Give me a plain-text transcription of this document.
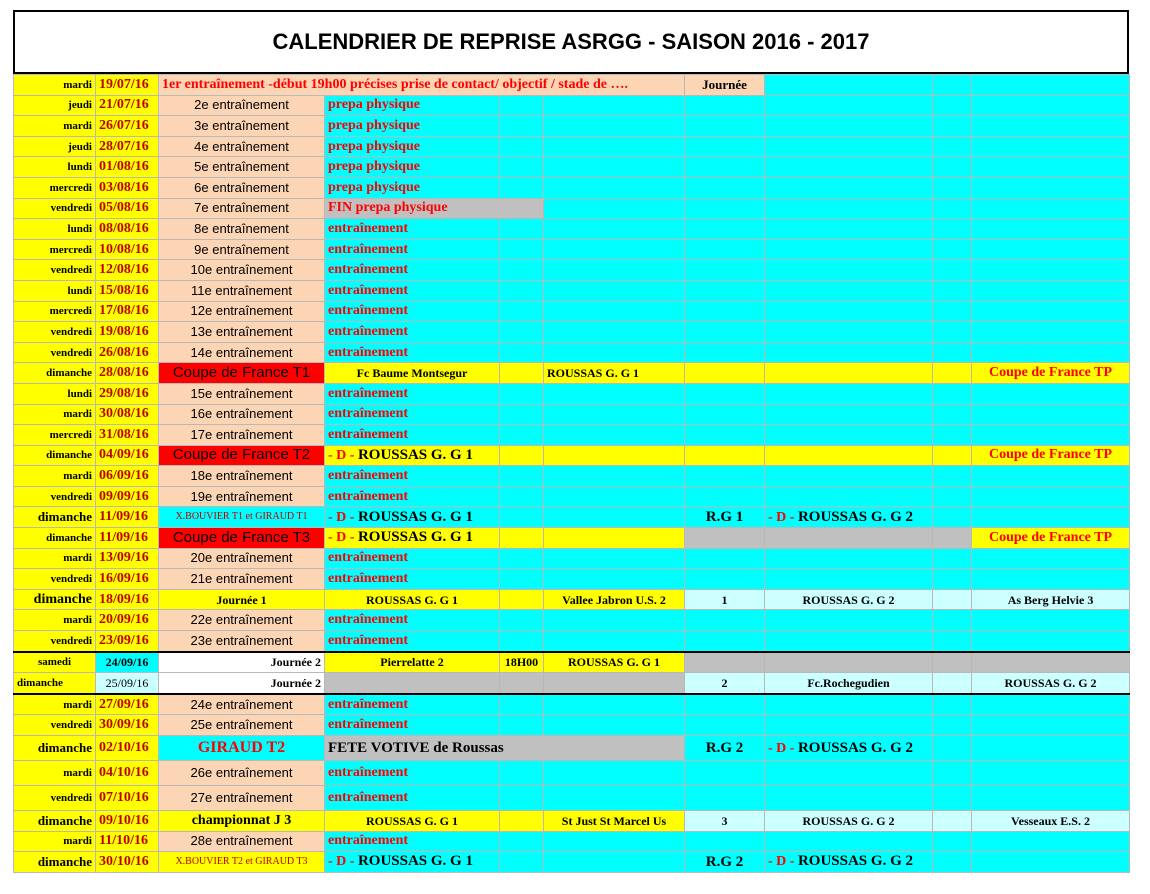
CALENDRIER DE REPRISE ASRGG - SAISON 2016 - 2017
mardi	19/07/16	1er entraînement -début 19h00 précises prise de contact/ objectif / stade de ….				Journée			
jeudi	21/07/16	2e entraînement	prepa physique						
mardi	26/07/16	3e entraînement	prepa physique						
jeudi	28/07/16	4e entraînement	prepa physique						
lundi	01/08/16	5e entraînement	prepa physique						
mercredi	03/08/16	6e entraînement	prepa physique						
vendredi	05/08/16	7e entraînement	FIN prepa physique						
lundi	08/08/16	8e entraînement	entraînement						
mercredi	10/08/16	9e entraînement	entraînement						
vendredi	12/08/16	10e entraînement	entraînement						
lundi	15/08/16	11e entraînement	entraînement						
mercredi	17/08/16	12e entraînement	entraînement						
vendredi	19/08/16	13e entraînement	entraînement						
vendredi	26/08/16	14e entraînement	entraînement						
dimanche	28/08/16	Coupe de France T1	Fc Baume Montsegur		ROUSSAS G. G 1				Coupe de France TP
lundi	29/08/16	15e entraînement	entraînement						
mardi	30/08/16	16e entraînement	entraînement						
mercredi	31/08/16	17e entraînement	entraînement						
dimanche	04/09/16	Coupe de France T2	- D - ROUSSAS G. G 1						Coupe de France TP
mardi	06/09/16	18e entraînement	entraînement						
vendredi	09/09/16	19e entraînement	entraînement						
dimanche	11/09/16	X.BOUVIER T1 et GIRAUD T1	- D - ROUSSAS G. G 1			R.G 1	- D - ROUSSAS G. G 2		
dimanche	11/09/16	Coupe de France T3	- D - ROUSSAS G. G 1						Coupe de France TP
mardi	13/09/16	20e entraînement	entraînement						
vendredi	16/09/16	21e entraînement	entraînement						
dimanche	18/09/16	Journée 1	ROUSSAS G. G 1		Vallee Jabron U.S. 2	1	ROUSSAS G. G 2		As Berg Helvie 3
mardi	20/09/16	22e entraînement	entraînement						
vendredi	23/09/16	23e entraînement	entraînement						
samedi	24/09/16	Journée 2	Pierrelatte 2	18H00	ROUSSAS G. G 1				
dimanche	25/09/16	Journée 2				2	Fc.Rochegudien		ROUSSAS G. G 2
mardi	27/09/16	24e entraînement	entraînement						
vendredi	30/09/16	25e entraînement	entraînement						
dimanche	02/10/16	GIRAUD T2	FETE VOTIVE de Roussas			R.G 2	- D - ROUSSAS G. G 2		
mardi	04/10/16	26e entraînement	entraînement						
vendredi	07/10/16	27e entraînement	entraînement						
dimanche	09/10/16	championnat J 3	ROUSSAS G. G 1		St Just St Marcel Us	3	ROUSSAS G. G 2		Vesseaux E.S. 2
mardi	11/10/16	28e entraînement	entraînement						
dimanche	30/10/16	X.BOUVIER T2 et GIRAUD T3	- D - ROUSSAS G. G 1			R.G 2	- D - ROUSSAS G. G 2		
